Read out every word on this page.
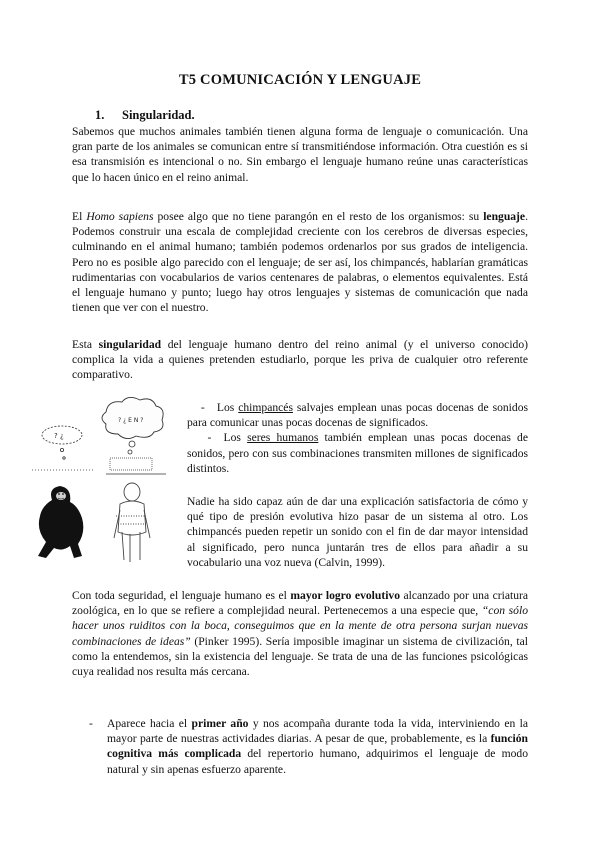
T5 COMUNICACIÓN Y LENGUAJE
1. Singularidad.

Sabemos que muchos animales también tienen alguna forma de lenguaje o comunicación. Una gran parte de los animales se comunican entre sí transmitiéndose información. Otra cuestión es si esa transmisión es intencional o no. Sin embargo el lenguaje humano reúne unas características que lo hacen único en el reino animal.

El Homo sapiens posee algo que no tiene parangón en el resto de los organismos: su lenguaje. Podemos construir una escala de complejidad creciente con los cerebros de diversas especies, culminando en el animal humano; también podemos ordenarlos por sus grados de inteligencia. Pero no es posible algo parecido con el lenguaje; de ser así, los chimpancés, hablarían gramáticas rudimentarias con vocabularios de varios centenares de palabras, o elementos equivalentes. Está el lenguaje humano y punto; luego hay otros lenguajes y sistemas de comunicación que nada tienen que ver con el nuestro.

Esta singularidad del lenguaje humano dentro del reino animal (y el universo conocido) complica la vida a quienes pretenden estudiarlo, porque les priva de cualquier otro referente comparativo.

? ¿
? ¿ E N ?
- Los chimpancés salvajes emplean unas pocas docenas de sonidos para comunicar unas pocas docenas de significados.
- Los seres humanos también emplean unas pocas docenas de sonidos, pero con sus combinaciones transmiten millones de significados distintos.

Nadie ha sido capaz aún de dar una explicación satisfactoria de cómo y qué tipo de presión evolutiva hizo pasar de un sistema al otro. Los chimpancés pueden repetir un sonido con el fin de dar mayor intensidad al significado, pero nunca juntarán tres de ellos para añadir a su vocabulario una voz nueva (Calvin, 1999).

Con toda seguridad, el lenguaje humano es el mayor logro evolutivo alcanzado por una criatura zoológica, en lo que se refiere a complejidad neural. Pertenecemos a una especie que, “con sólo hacer unos ruiditos con la boca, conseguimos que en la mente de otra persona surjan nuevas combinaciones de ideas” (Pinker 1995). Sería imposible imaginar un sistema de civilización, tal como la entendemos, sin la existencia del lenguaje. Se trata de una de las funciones psicológicas cuya realidad nos resulta más cercana.

- Aparece hacia el primer año y nos acompaña durante toda la vida, interviniendo en la mayor parte de nuestras actividades diarias. A pesar de que, probablemente, es la función cognitiva más complicada del repertorio humano, adquirimos el lenguaje de modo natural y sin apenas esfuerzo aparente.
